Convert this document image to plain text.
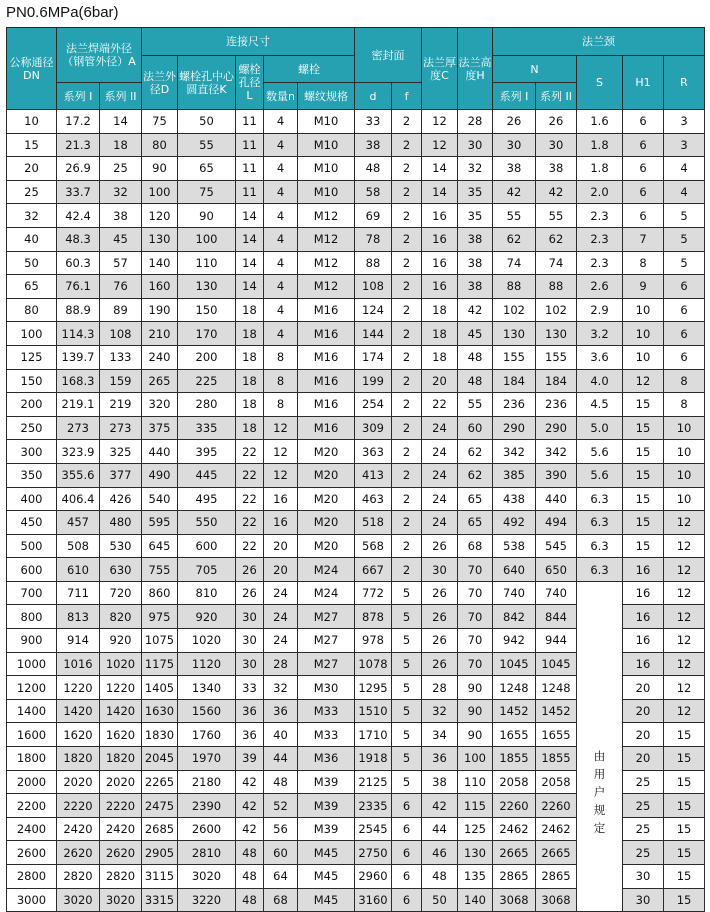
PN0.6MPa(6bar)
公称通径DN	法兰焊端外径（钢管外径）A		连接尺寸					密封面		法兰厚度C	法兰高度H	法兰颈				
			法兰外径D	螺栓孔中心圆直径K	螺栓孔径L	螺栓						N		S	H1	R
	系列 I	系列 II				数量n	螺纹规格	d	f			系列 I	系列 II			
10	17.2	14	75	50	11	4	M10	33	2	12	28	26	26	1.6	6	3
15	21.3	18	80	55	11	4	M10	38	2	12	30	30	30	1.8	6	3
20	26.9	25	90	65	11	4	M10	48	2	14	32	38	38	1.8	6	4
25	33.7	32	100	75	11	4	M10	58	2	14	35	42	42	2.0	6	4
32	42.4	38	120	90	14	4	M12	69	2	16	35	55	55	2.3	6	5
40	48.3	45	130	100	14	4	M12	78	2	16	38	62	62	2.3	7	5
50	60.3	57	140	110	14	4	M12	88	2	16	38	74	74	2.3	8	5
65	76.1	76	160	130	14	4	M12	108	2	16	38	88	88	2.6	9	6
80	88.9	89	190	150	18	4	M16	124	2	18	42	102	102	2.9	10	6
100	114.3	108	210	170	18	4	M16	144	2	18	45	130	130	3.2	10	6
125	139.7	133	240	200	18	8	M16	174	2	18	48	155	155	3.6	10	6
150	168.3	159	265	225	18	8	M16	199	2	20	48	184	184	4.0	12	8
200	219.1	219	320	280	18	8	M16	254	2	22	55	236	236	4.5	15	8
250	273	273	375	335	18	12	M16	309	2	24	60	290	290	5.0	15	10
300	323.9	325	440	395	22	12	M20	363	2	24	62	342	342	5.6	15	10
350	355.6	377	490	445	22	12	M20	413	2	24	62	385	390	5.6	15	10
400	406.4	426	540	495	22	16	M20	463	2	24	65	438	440	6.3	15	10
450	457	480	595	550	22	16	M20	518	2	24	65	492	494	6.3	15	12
500	508	530	645	600	22	20	M20	568	2	26	68	538	545	6.3	15	12
600	610	630	755	705	26	20	M24	667	2	30	70	640	650	6.3	16	12
700	711	720	860	810	26	24	M24	772	5	26	70	740	740	由用户规定	16	12
800	813	820	975	920	30	24	M27	878	5	26	70	842	844		16	12
900	914	920	1075	1020	30	24	M27	978	5	26	70	942	944		16	12
1000	1016	1020	1175	1120	30	28	M27	1078	5	26	70	1045	1045		16	12
1200	1220	1220	1405	1340	33	32	M30	1295	5	28	90	1248	1248		20	12
1400	1420	1420	1630	1560	36	36	M33	1510	5	32	90	1452	1452		20	12
1600	1620	1620	1830	1760	36	40	M33	1710	5	34	90	1655	1655		20	15
1800	1820	1820	2045	1970	39	44	M36	1918	5	36	100	1855	1855		20	15
2000	2020	2020	2265	2180	42	48	M39	2125	5	38	110	2058	2058		25	15
2200	2220	2220	2475	2390	42	52	M39	2335	6	42	115	2260	2260		25	15
2400	2420	2420	2685	2600	42	56	M39	2545	6	44	125	2462	2462		25	15
2600	2620	2620	2905	2810	48	60	M45	2750	6	46	130	2665	2665		25	15
2800	2820	2820	3115	3020	48	64	M45	2960	6	48	135	2865	2865		30	15
3000	3020	3020	3315	3220	48	68	M45	3160	6	50	140	3068	3068		30	15
